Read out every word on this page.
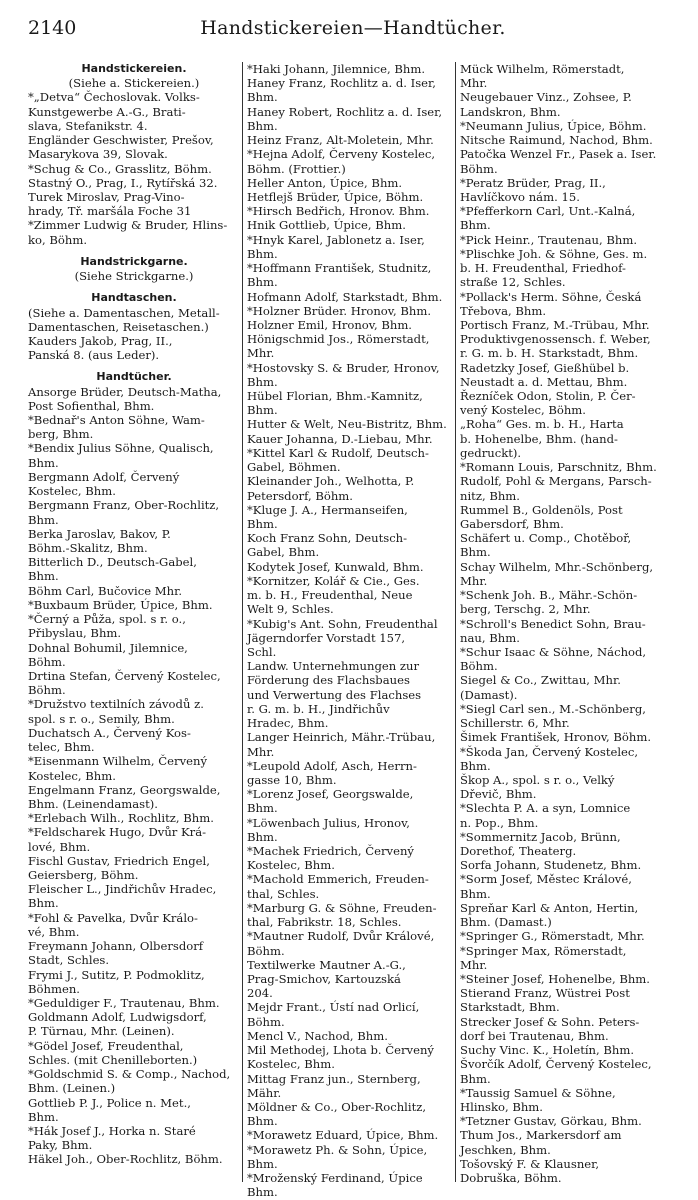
2140	Handstickereien—Handtücher.
Handstickereien.
(Siehe a. Stickereien.)
*„Detva“ Čechoslovak. Volks-
Kunstgewerbe A.-G., Brati-
slava, Stefanikstr. 4.
Engländer Geschwister, Prešov,
Masarykova 39, Slovak.
*Schug & Co., Grasslitz, Böhm.
Stastný O., Prag, I., Rytířská 32.
Turek Miroslav, Prag-Vino-
hrady, Tř. maršála Foche 31
*Zimmer Ludwig & Bruder, Hlins-
ko, Böhm.
Handstrickgarne.
(Siehe Strickgarne.)
Handtaschen.
(Siehe a. Damentaschen, Metall-
Damentaschen, Reisetaschen.)
Kauders Jakob, Prag, II.,
Panská 8. (aus Leder).
Handtücher.
Ansorge Brüder, Deutsch-Matha,
Post Sofienthal, Bhm.
*Bednař's Anton Söhne, Wam-
berg, Bhm.
*Bendix Julius Söhne, Qualisch,
Bhm.
Bergmann Adolf, Červený
Kostelec, Bhm.
Bergmann Franz, Ober-Rochlitz,
Bhm.
Berka Jaroslav, Bakov, P.
Böhm.-Skalitz, Bhm.
Bitterlich D., Deutsch-Gabel,
Bhm.
Böhm Carl, Bučovice Mhr.
*Buxbaum Brüder, Úpice, Bhm.
*Černý a Půža, spol. s r. o.,
Přibyslau, Bhm.
Dohnal Bohumil, Jilemnice,
Böhm.
Drtina Stefan, Červený Kostelec,
Böhm.
*Družstvo textilních závodů z.
spol. s r. o., Semily, Bhm.
Duchatsch A., Červený Kos-
telec, Bhm.
*Eisenmann Wilhelm, Červený
Kostelec, Bhm.
Engelmann Franz, Georgswalde,
Bhm. (Leinendamast).
*Erlebach Wilh., Rochlitz, Bhm.
*Feldscharek Hugo, Dvůr Krá-
lové, Bhm.
Fischl Gustav, Friedrich Engel,
Geiersberg, Böhm.
Fleischer L., Jindřichův Hradec,
Bhm.
*Fohl & Pavelka, Dvůr Králo-
vé, Bhm.
Freymann Johann, Olbersdorf
Stadt, Schles.
Frymi J., Sutitz, P. Podmoklitz,
Böhmen.
*Geduldiger F., Trautenau, Bhm.
Goldmann Adolf, Ludwigsdorf,
P. Türnau, Mhr. (Leinen).
*Gödel Josef, Freudenthal,
Schles. (mit Chenilleborten.)
*Goldschmid S. & Comp., Nachod,
Bhm. (Leinen.)
Gottlieb P. J., Police n. Met.,
Bhm.
*Hák Josef J., Horka n. Staré
Paky, Bhm.
Häkel Joh., Ober-Rochlitz, Böhm.
*Haki Johann, Jilemnice, Bhm.
Haney Franz, Rochlitz a. d. Iser,
Bhm.
Haney Robert, Rochlitz a. d. Iser,
Bhm.
Heinz Franz, Alt-Moletein, Mhr.
*Hejna Adolf, Červeny Kostelec,
Böhm. (Frottier.)
Heller Anton, Úpice, Bhm.
Hetflejš Brüder, Úpice, Böhm.
*Hirsch Bedřich, Hronov. Bhm.
Hnik Gottlieb, Úpice, Bhm.
*Hnyk Karel, Jablonetz a. Iser,
Bhm.
*Hoffmann František, Studnitz,
Bhm.
Hofmann Adolf, Starkstadt, Bhm.
*Holzner Brüder. Hronov, Bhm.
Holzner Emil, Hronov, Bhm.
Hönigschmid Jos., Römerstadt,
Mhr.
*Hostovsky S. & Bruder, Hronov,
Bhm.
Hübel Florian, Bhm.-Kamnitz,
Bhm.
Hutter & Welt, Neu-Bistritz, Bhm.
Kauer Johanna, D.-Liebau, Mhr.
*Kittel Karl & Rudolf, Deutsch-
Gabel, Böhmen.
Kleinander Joh., Welhotta, P.
Petersdorf, Böhm.
*Kluge J. A., Hermanseifen,
Bhm.
Koch Franz Sohn, Deutsch-
Gabel, Bhm.
Kodytek Josef, Kunwald, Bhm.
*Kornitzer, Kolář & Cie., Ges.
m. b. H., Freudenthal, Neue
Welt 9, Schles.
*Kubig's Ant. Sohn, Freudenthal
Jägerndorfer Vorstadt 157,
Schl.
Landw. Unternehmungen zur
Förderung des Flachsbaues
und Verwertung des Flachses
r. G. m. b. H., Jindřichův
Hradec, Bhm.
Langer Heinrich, Mähr.-Trübau,
Mhr.
*Leupold Adolf, Asch, Herrn-
gasse 10, Bhm.
*Lorenz Josef, Georgswalde,
Bhm.
*Löwenbach Julius, Hronov,
Bhm.
*Machek Friedrich, Červený
Kostelec, Bhm.
*Machold Emmerich, Freuden-
thal, Schles.
*Marburg G. & Söhne, Freuden-
thal, Fabrikstr. 18, Schles.
*Mautner Rudolf, Dvůr Králové,
Böhm.
Textilwerke Mautner A.-G.,
Prag-Smichov, Kartouzská
204.
Mejdr Frant., Ústí nad Orlicí,
Böhm.
Mencl V., Nachod, Bhm.
Mil Methodej, Lhota b. Červený
Kostelec, Bhm.
Mittag Franz jun., Sternberg,
Mähr.
Möldner & Co., Ober-Rochlitz,
Bhm.
*Morawetz Eduard, Úpice, Bhm.
*Morawetz Ph. & Sohn, Úpice,
Bhm.
*Mroženský Ferdinand, Úpice
Bhm.
Mück Wilhelm, Römerstadt,
Mhr.
Neugebauer Vinz., Zohsee, P.
Landskron, Bhm.
*Neumann Julius, Úpice, Böhm.
Nitsche Raimund, Nachod, Bhm.
Patočka Wenzel Fr., Pasek a. Iser.
Böhm.
*Peratz Brüder, Prag, II.,
Havlíčkovo nám. 15.
*Pfefferkorn Carl, Unt.-Kalná,
Bhm.
*Pick Heinr., Trautenau, Bhm.
*Plischke Joh. & Söhne, Ges. m.
b. H. Freudenthal, Friedhof-
straße 12, Schles.
*Pollack's Herm. Söhne, Česká
Třebova, Bhm.
Portisch Franz, M.-Trübau, Mhr.
Produktivgenossensch. f. Weber,
r. G. m. b. H. Starkstadt, Bhm.
Radetzky Josef, Gießhübel b.
Neustadt a. d. Mettau, Bhm.
Řezníček Odon, Stolin, P. Čer-
vený Kostelec, Böhm.
„Roha“ Ges. m. b. H., Harta
b. Hohenelbe, Bhm. (hand-
gedruckt).
*Romann Louis, Parschnitz, Bhm.
Rudolf, Pohl & Mergans, Parsch-
nitz, Bhm.
Rummel B., Goldenöls, Post
Gabersdorf, Bhm.
Schäfert u. Comp., Chotěboř,
Bhm.
Schay Wilhelm, Mhr.-Schönberg,
Mhr.
*Schenk Joh. B., Mähr.-Schön-
berg, Terschg. 2, Mhr.
*Schroll's Benedict Sohn, Brau-
nau, Bhm.
*Schur Isaac & Söhne, Náchod,
Böhm.
Siegel & Co., Zwittau, Mhr.
(Damast).
*Siegl Carl sen., M.-Schönberg,
Schillerstr. 6, Mhr.
Šimek František, Hronov, Böhm.
*Škoda Jan, Červený Kostelec,
Bhm.
Škop A., spol. s r. o., Velký
Dřevič, Bhm.
*Slechta P. A. a syn, Lomnice
n. Pop., Bhm.
*Sommernitz Jacob, Brünn,
Dorethof, Theaterg.
Sorfa Johann, Studenetz, Bhm.
*Sorm Josef, Městec Králové,
Bhm.
Spreňar Karl & Anton, Hertin,
Bhm. (Damast.)
*Springer G., Römerstadt, Mhr.
*Springer Max, Römerstadt,
Mhr.
*Steiner Josef, Hohenelbe, Bhm.
Stierand Franz, Wüstrei Post
Starkstadt, Bhm.
Strecker Josef & Sohn. Peters-
dorf bei Trautenau, Bhm.
Suchy Vinc. K., Holetín, Bhm.
Švorčík Adolf, Červený Kostelec,
Bhm.
*Taussig Samuel & Söhne,
Hlinsko, Bhm.
*Tetzner Gustav, Görkau, Bhm.
Thum Jos., Markersdorf am
Jeschken, Bhm.
Tošovský F. & Klausner,
Dobruška, Böhm.
